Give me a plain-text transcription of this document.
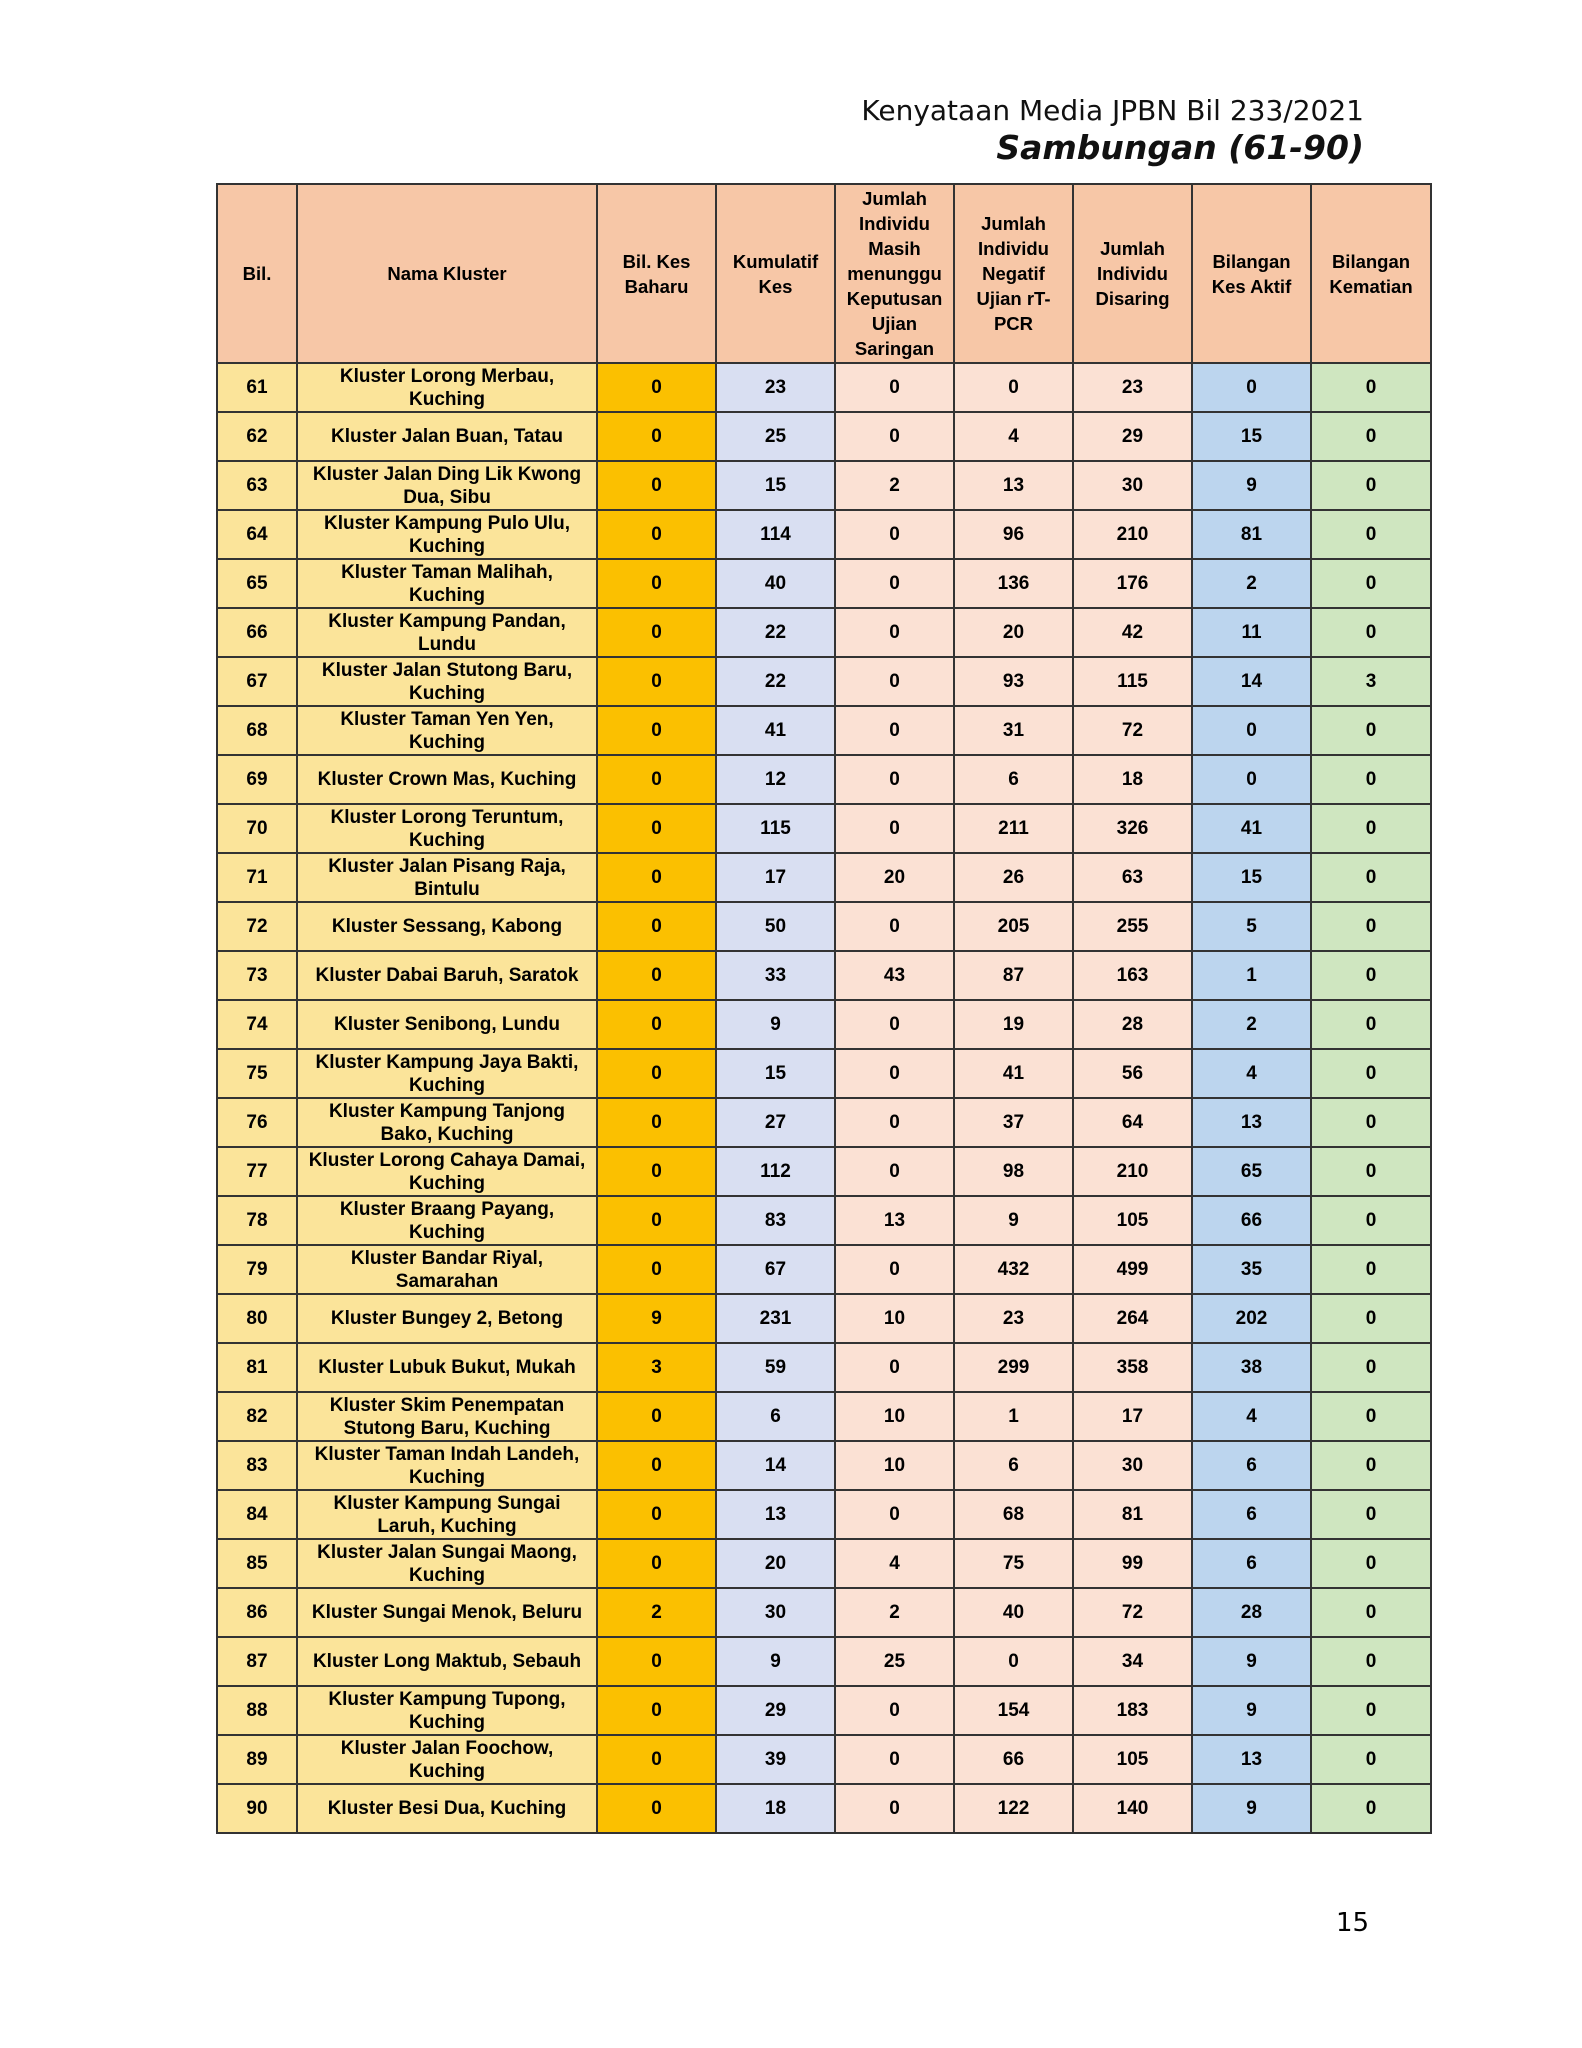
Kenyataan Media JPBN Bil 233/2021
Sambungan (61-90)
Bil.	Nama Kluster	Bil. Kes Baharu	Kumulatif Kes	Jumlah Individu Masih menunggu Keputusan Ujian Saringan	Jumlah Individu Negatif Ujian rT-PCR	Jumlah Individu Disaring	Bilangan Kes Aktif	Bilangan Kematian
61	Kluster Lorong Merbau, Kuching	0	23	0	0	23	0	0
62	Kluster Jalan Buan, Tatau	0	25	0	4	29	15	0
63	Kluster Jalan Ding Lik Kwong Dua, Sibu	0	15	2	13	30	9	0
64	Kluster Kampung Pulo Ulu, Kuching	0	114	0	96	210	81	0
65	Kluster Taman Malihah, Kuching	0	40	0	136	176	2	0
66	Kluster Kampung Pandan, Lundu	0	22	0	20	42	11	0
67	Kluster Jalan Stutong Baru, Kuching	0	22	0	93	115	14	3
68	Kluster Taman Yen Yen, Kuching	0	41	0	31	72	0	0
69	Kluster Crown Mas, Kuching	0	12	0	6	18	0	0
70	Kluster Lorong Teruntum, Kuching	0	115	0	211	326	41	0
71	Kluster Jalan Pisang Raja, Bintulu	0	17	20	26	63	15	0
72	Kluster Sessang, Kabong	0	50	0	205	255	5	0
73	Kluster Dabai Baruh, Saratok	0	33	43	87	163	1	0
74	Kluster Senibong, Lundu	0	9	0	19	28	2	0
75	Kluster Kampung Jaya Bakti, Kuching	0	15	0	41	56	4	0
76	Kluster Kampung Tanjong Bako, Kuching	0	27	0	37	64	13	0
77	Kluster Lorong Cahaya Damai, Kuching	0	112	0	98	210	65	0
78	Kluster Braang Payang, Kuching	0	83	13	9	105	66	0
79	Kluster Bandar Riyal, Samarahan	0	67	0	432	499	35	0
80	Kluster Bungey 2, Betong	9	231	10	23	264	202	0
81	Kluster Lubuk Bukut, Mukah	3	59	0	299	358	38	0
82	Kluster Skim Penempatan Stutong Baru, Kuching	0	6	10	1	17	4	0
83	Kluster Taman Indah Landeh, Kuching	0	14	10	6	30	6	0
84	Kluster Kampung Sungai Laruh, Kuching	0	13	0	68	81	6	0
85	Kluster Jalan Sungai Maong, Kuching	0	20	4	75	99	6	0
86	Kluster Sungai Menok, Beluru	2	30	2	40	72	28	0
87	Kluster Long Maktub, Sebauh	0	9	25	0	34	9	0
88	Kluster Kampung Tupong, Kuching	0	29	0	154	183	9	0
89	Kluster Jalan Foochow, Kuching	0	39	0	66	105	13	0
90	Kluster Besi Dua, Kuching	0	18	0	122	140	9	0
15
